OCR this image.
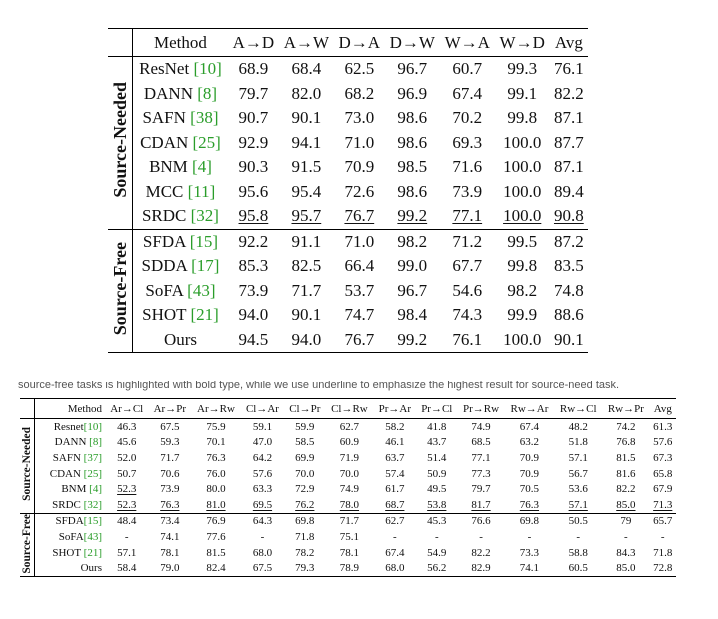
	Method	A→D	A→W	D→A	D→W	W→A	W→D	Avg
Source-Needed	ResNet [10]	68.9	68.4	62.5	96.7	60.7	99.3	76.1
	DANN [8]	79.7	82.0	68.2	96.9	67.4	99.1	82.2
	SAFN [38]	90.7	90.1	73.0	98.6	70.2	99.8	87.1
	CDAN [25]	92.9	94.1	71.0	98.6	69.3	100.0	87.7
	BNM [4]	90.3	91.5	70.9	98.5	71.6	100.0	87.1
	MCC [11]	95.6	95.4	72.6	98.6	73.9	100.0	89.4
	SRDC [32]	95.8	95.7	76.7	99.2	77.1	100.0	90.8
Source-Free	SFDA [15]	92.2	91.1	71.0	98.2	71.2	99.5	87.2
	SDDA [17]	85.3	82.5	66.4	99.0	67.7	99.8	83.5
	SoFA [43]	73.9	71.7	53.7	96.7	54.6	98.2	74.8
	SHOT [21]	94.0	90.1	74.7	98.4	74.3	99.9	88.6
	Ours	94.5	94.0	76.7	99.2	76.1	100.0	90.1
source-free tasks is highlighted with bold type, while we use underline to emphasize the highest result for source-need task.
	Method	Ar→Cl	Ar→Pr	Ar→Rw	Cl→Ar	Cl→Pr	Cl→Rw	Pr→Ar	Pr→Cl	Pr→Rw	Rw→Ar	Rw→Cl	Rw→Pr	Avg
Source-Needed	Resnet[10]	46.3	67.5	75.9	59.1	59.9	62.7	58.2	41.8	74.9	67.4	48.2	74.2	61.3
	DANN [8]	45.6	59.3	70.1	47.0	58.5	60.9	46.1	43.7	68.5	63.2	51.8	76.8	57.6
	SAFN [37]	52.0	71.7	76.3	64.2	69.9	71.9	63.7	51.4	77.1	70.9	57.1	81.5	67.3
	CDAN [25]	50.7	70.6	76.0	57.6	70.0	70.0	57.4	50.9	77.3	70.9	56.7	81.6	65.8
	BNM [4]	52.3	73.9	80.0	63.3	72.9	74.9	61.7	49.5	79.7	70.5	53.6	82.2	67.9
	SRDC [32]	52.3	76.3	81.0	69.5	76.2	78.0	68.7	53.8	81.7	76.3	57.1	85.0	71.3
Source-Free	SFDA[15]	48.4	73.4	76.9	64.3	69.8	71.7	62.7	45.3	76.6	69.8	50.5	79	65.7
	SoFA[43]	-	74.1	77.6	-	71.8	75.1	-	-	-	-	-	-	-
	SHOT [21]	57.1	78.1	81.5	68.0	78.2	78.1	67.4	54.9	82.2	73.3	58.8	84.3	71.8
	Ours	58.4	79.0	82.4	67.5	79.3	78.9	68.0	56.2	82.9	74.1	60.5	85.0	72.8
